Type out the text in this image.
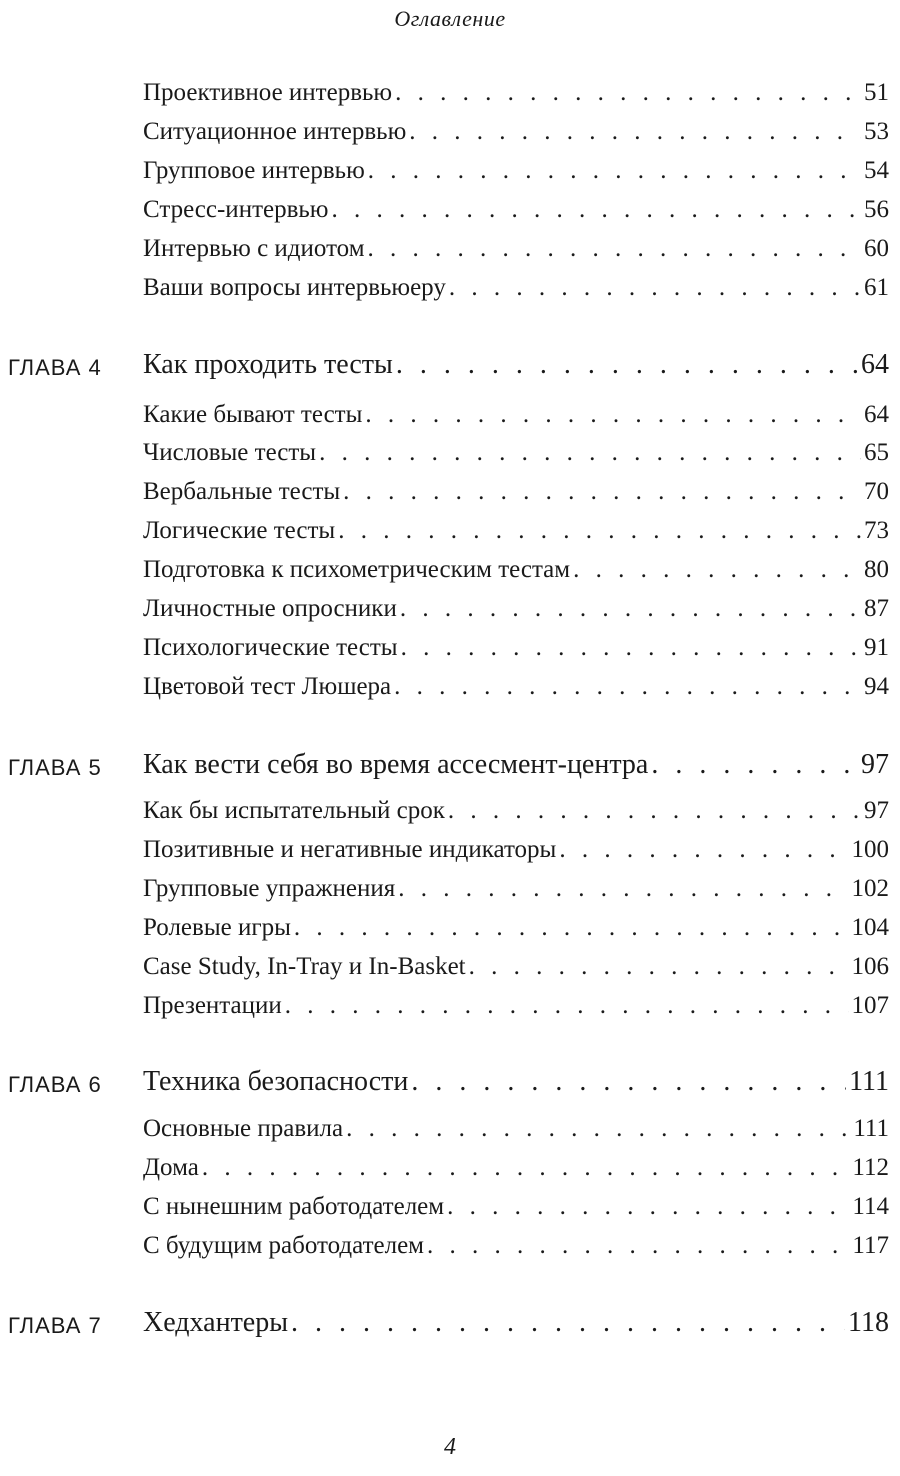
Оглавление
Проективное интервью . . .	51
Ситуационное интервью . . .	53
Групповое интервью . . .	54
Стресс-интервью . . .	56
Интервью с идиотом . . .	60
Ваши вопросы интервьюеру . . .	61
ГЛАВА 4 Как проходить тесты . . .	64
Какие бывают тесты . . .	64
Числовые тесты . . .	65
Вербальные тесты . . .	70
Логические тесты . . .	73
Подготовка к психометрическим тестам . . .	80
Личностные опросники . . .	87
Психологические тесты . . .	91
Цветовой тест Люшера . . .	94
ГЛАВА 5 Как вести себя во время ассесмент-центра . . .	97
Как бы испытательный срок . . .	97
Позитивные и негативные индикаторы . . .	100
Групповые упражнения . . .	102
Ролевые игры . . .	104
Case Study, In-Tray и In-Basket . . .	106
Презентации . . .	107
ГЛАВА 6 Техника безопасности . . .	111
Основные правила . . .	111
Дома . . .	112
С нынешним работодателем . . .	114
С будущим работодателем . . .	117
ГЛАВА 7 Хедхантеры . . .	118
4
